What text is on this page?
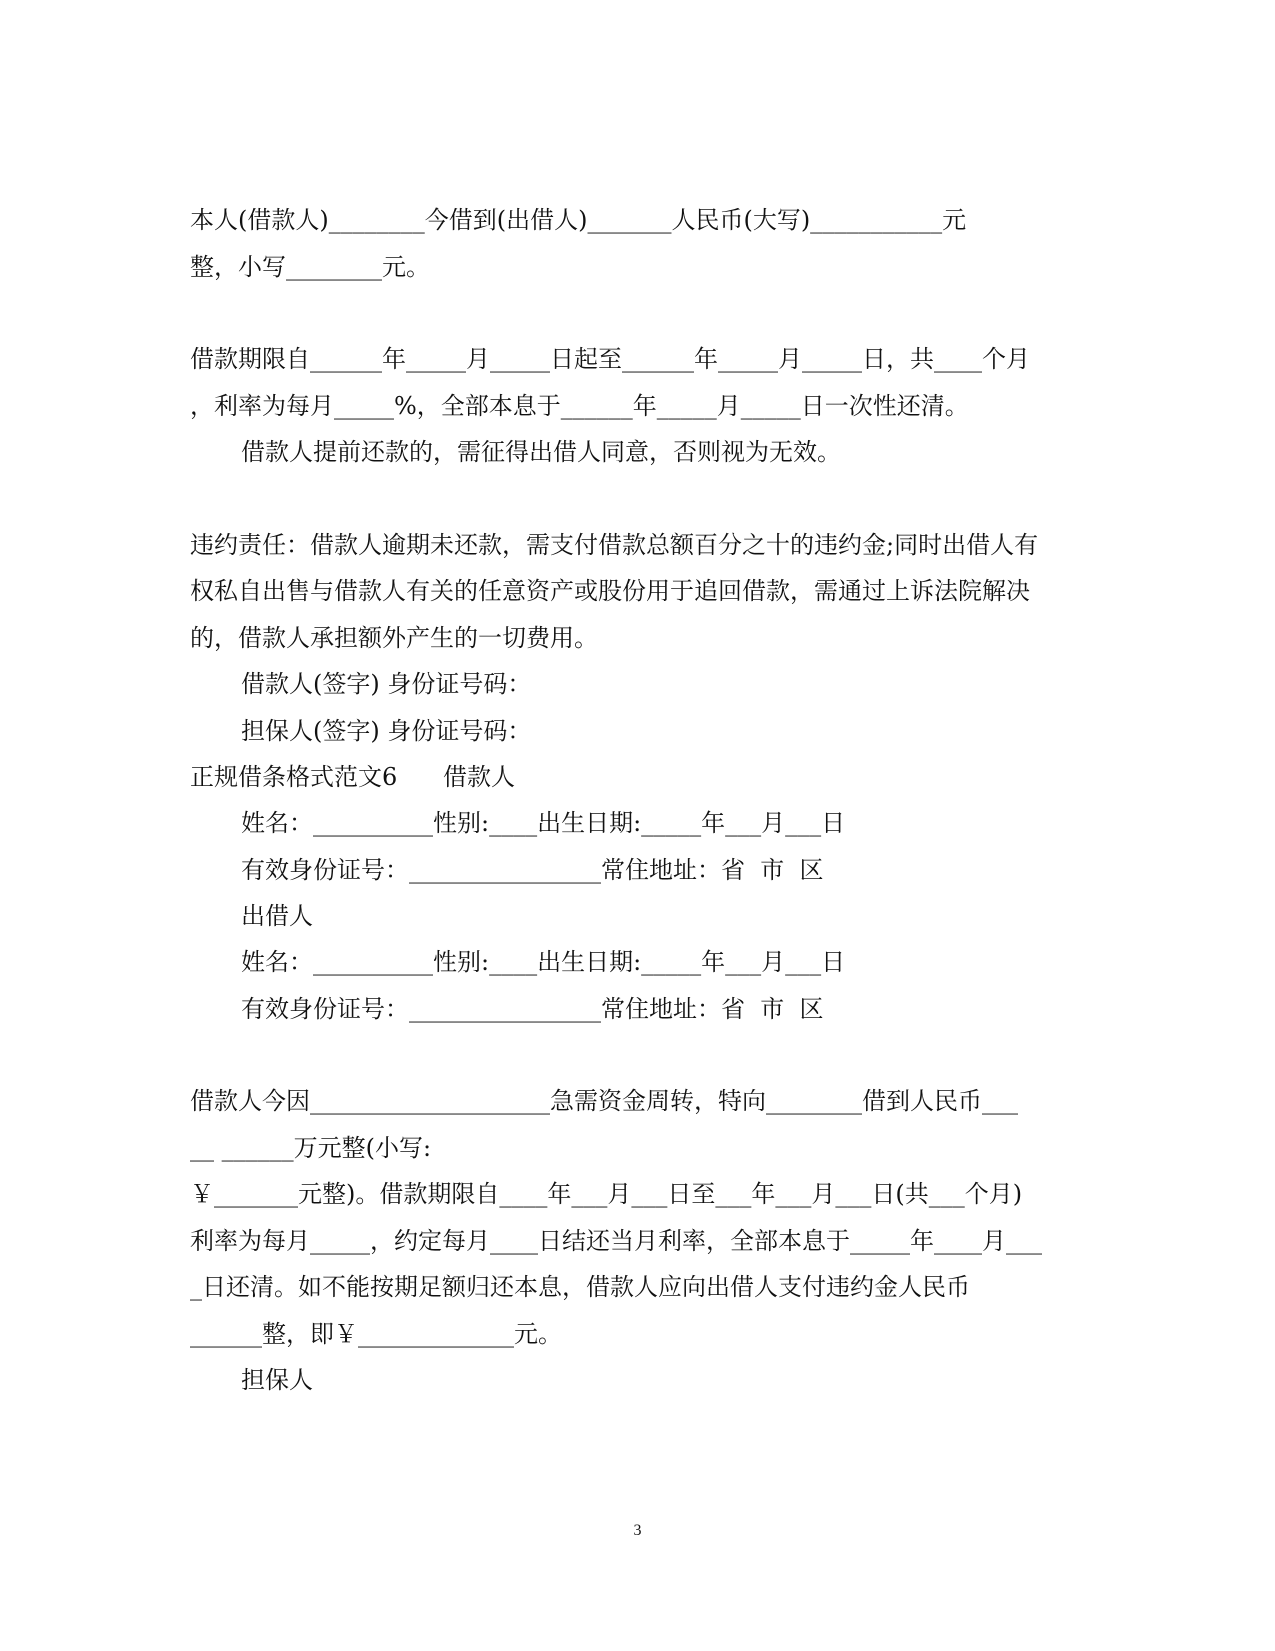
本人(借款人)________今借到(出借人)_______人民币(大写)___________元

整，小写________元。

借款期限自______年_____月_____日起至______年_____月_____日，共____个月

，利率为每月_____%，全部本息于______年_____月_____日一次性还清。

借款人提前还款的，需征得出借人同意，否则视为无效。

违约责任：借款人逾期未还款，需支付借款总额百分之十的违约金;同时出借人有

权私自出售与借款人有关的任意资产或股份用于追回借款，需通过上诉法院解决

的，借款人承担额外产生的一切费用。

借款人(签字) 身份证号码：

担保人(签字) 身份证号码：

正规借条格式范文6      借款人

姓名：__________性别:____出生日期:_____年___月___日

有效身份证号：________________常住地址：省  市  区

出借人

姓名：__________性别:____出生日期:_____年___月___日

有效身份证号：________________常住地址：省  市  区

借款人今因____________________急需资金周转，特向________借到人民币___

__ ______万元整(小写:

￥_______元整)。借款期限自____年___月___日至___年___月___日(共___个月)

利率为每月_____，约定每月____日结还当月利率，全部本息于_____年____月___

_日还清。如不能按期足额归还本息，借款人应向出借人支付违约金人民币

______整，即￥_____________元。

担保人

3
